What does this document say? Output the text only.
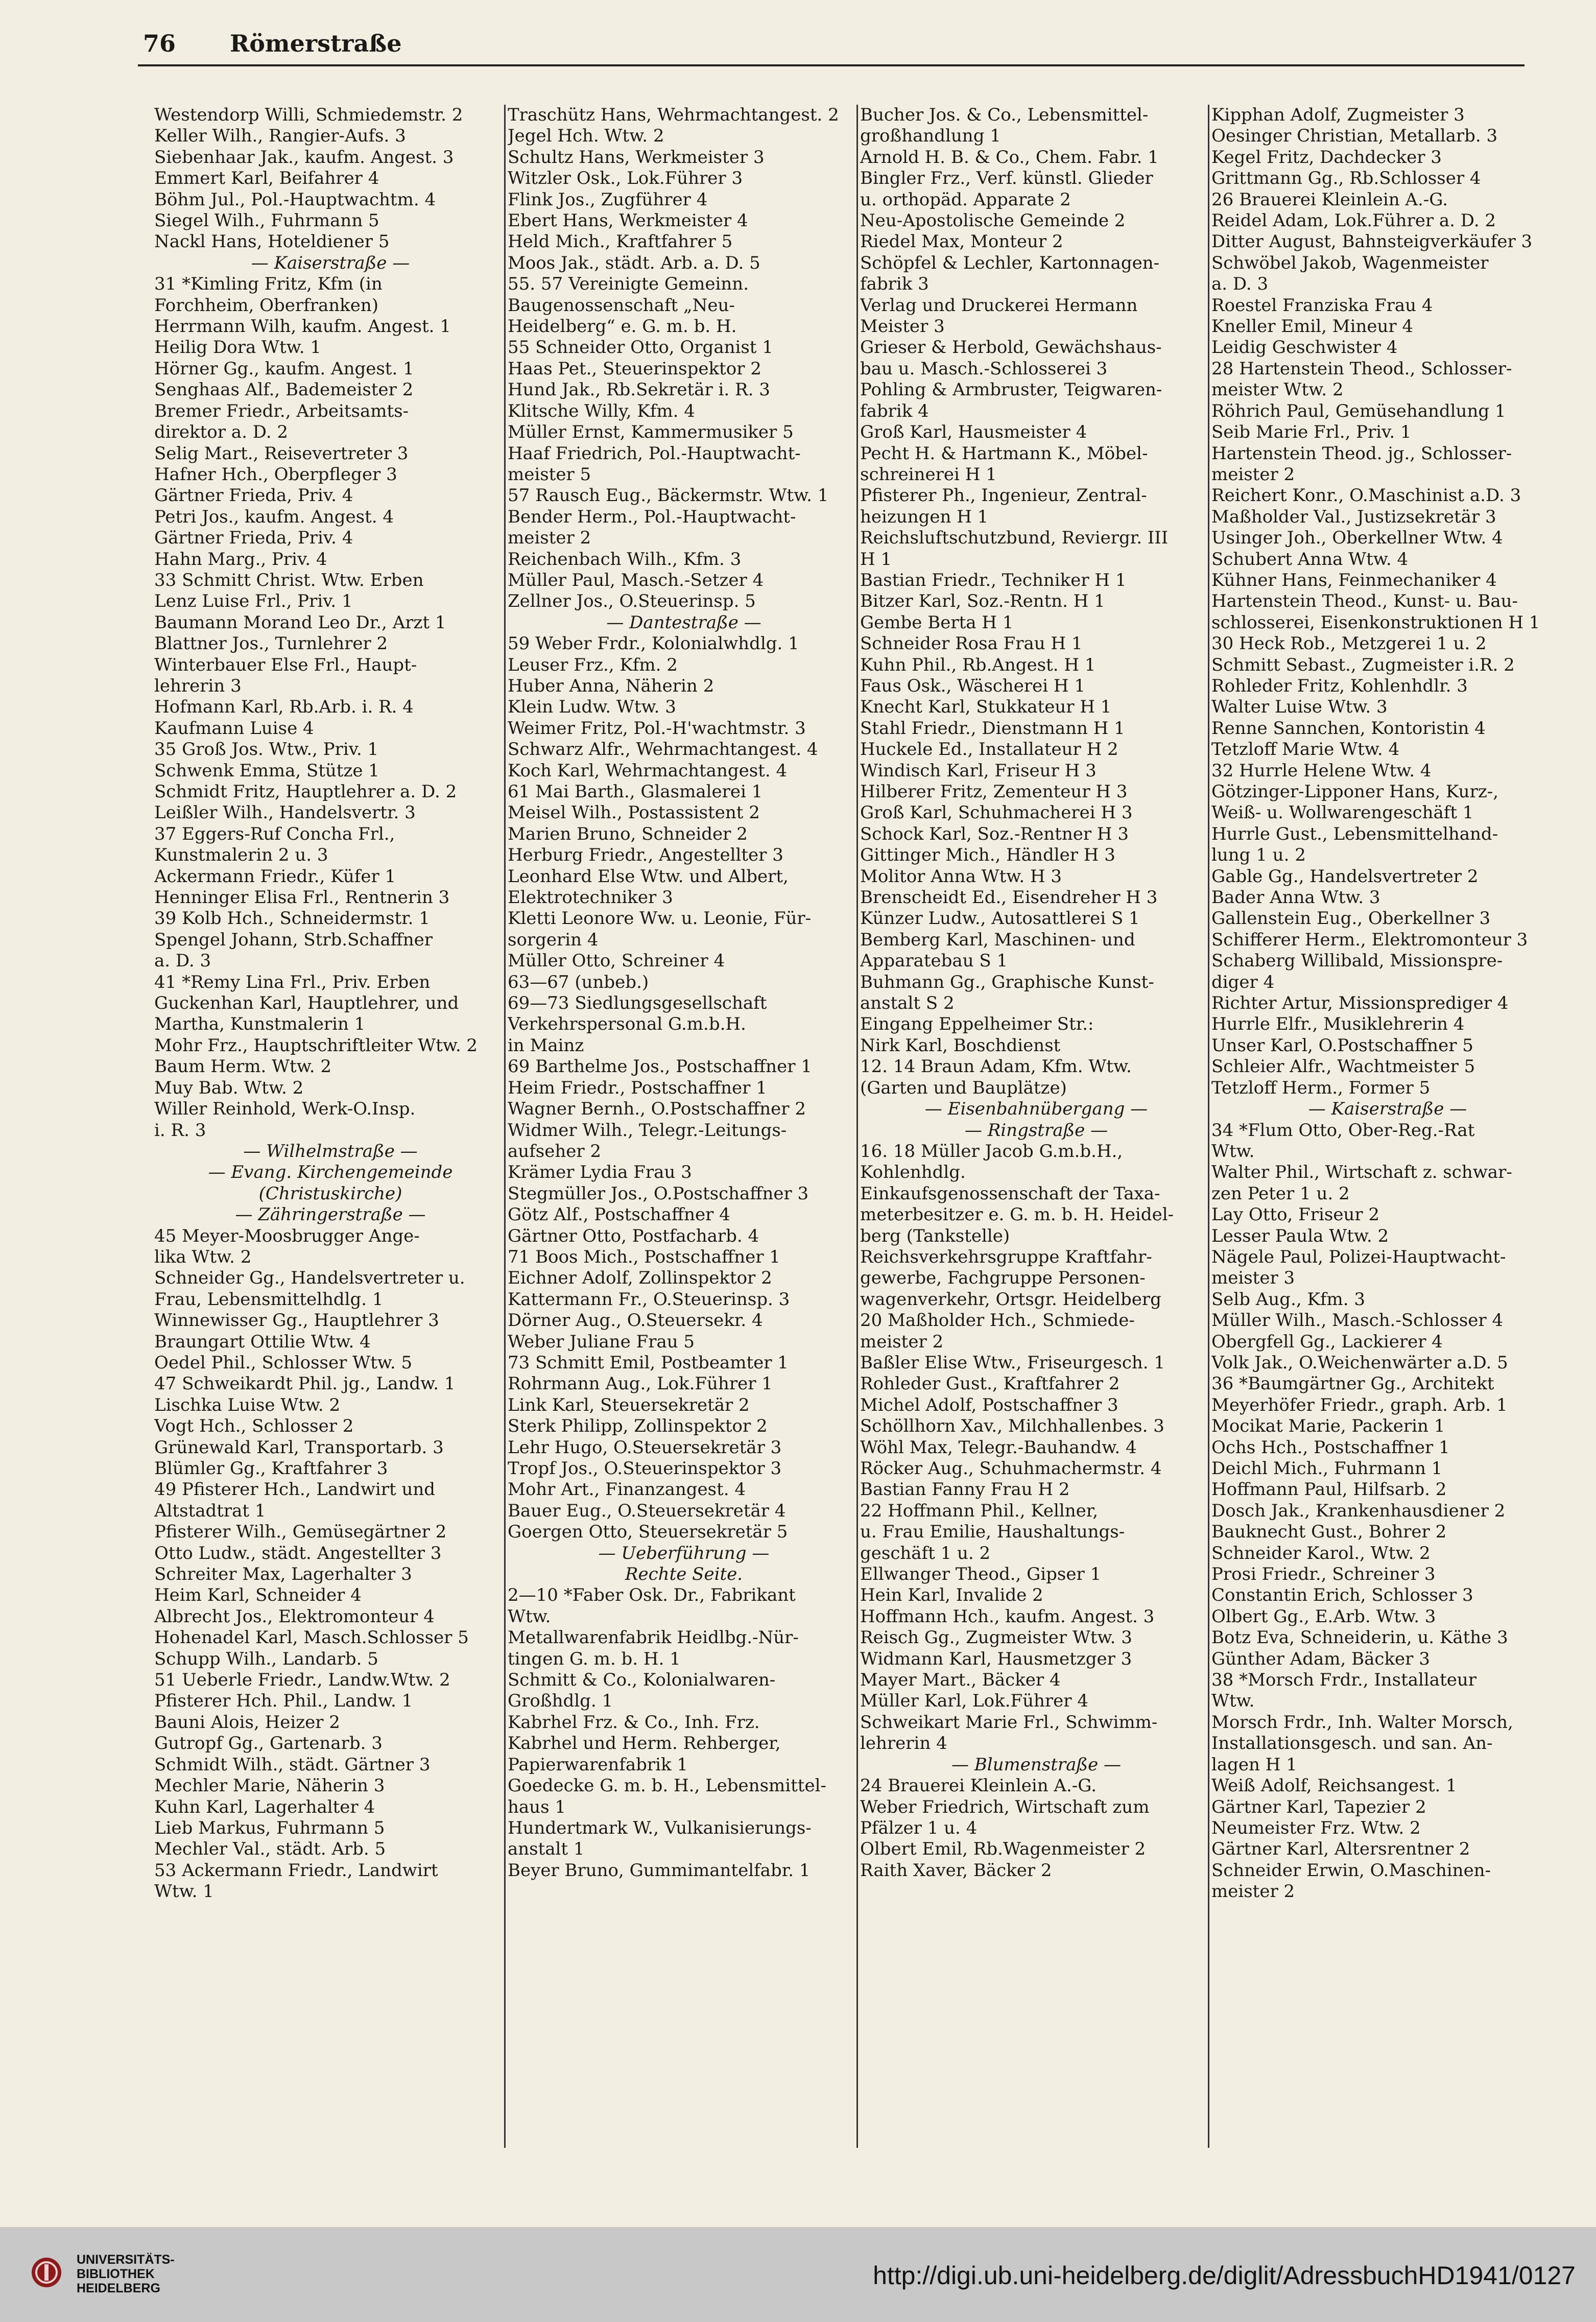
76 Römerstraße
Westendorp Willi, Schmiedemstr. 2
Keller Wilh., Rangier-Aufs. 3
Siebenhaar Jak., kaufm. Angest. 3
Emmert Karl, Beifahrer 4
Böhm Jul., Pol.-Hauptwachtm. 4
Siegel Wilh., Fuhrmann 5
Nackl Hans, Hoteldiener 5
— Kaiserstraße —
31 *Kimling Fritz, Kfm (in
Forchheim, Oberfranken)
Herrmann Wilh, kaufm. Angest. 1
Heilig Dora Wtw. 1
Hörner Gg., kaufm. Angest. 1
Senghaas Alf., Bademeister 2
Bremer Friedr., Arbeitsamts-
direktor a. D. 2
Selig Mart., Reisevertreter 3
Hafner Hch., Oberpfleger 3
Gärtner Frieda, Priv. 4
Petri Jos., kaufm. Angest. 4
Gärtner Frieda, Priv. 4
Hahn Marg., Priv. 4
33 Schmitt Christ. Wtw. Erben
Lenz Luise Frl., Priv. 1
Baumann Morand Leo Dr., Arzt 1
Blattner Jos., Turnlehrer 2
Winterbauer Else Frl., Haupt-
lehrerin 3
Hofmann Karl, Rb.Arb. i. R. 4
Kaufmann Luise 4
35 Groß Jos. Wtw., Priv. 1
Schwenk Emma, Stütze 1
Schmidt Fritz, Hauptlehrer a. D. 2
Leißler Wilh., Handelsvertr. 3
37 Eggers-Ruf Concha Frl.,
Kunstmalerin 2 u. 3
Ackermann Friedr., Küfer 1
Henninger Elisa Frl., Rentnerin 3
39 Kolb Hch., Schneidermstr. 1
Spengel Johann, Strb.Schaffner
a. D. 3
41 *Remy Lina Frl., Priv. Erben
Guckenhan Karl, Hauptlehrer, und
Martha, Kunstmalerin 1
Mohr Frz., Hauptschriftleiter Wtw. 2
Baum Herm. Wtw. 2
Muy Bab. Wtw. 2
Willer Reinhold, Werk-O.Insp.
i. R. 3
— Wilhelmstraße —
— Evang. Kirchengemeinde
(Christuskirche)
— Zähringerstraße —
45 Meyer-Moosbrugger Ange-
lika Wtw. 2
Schneider Gg., Handelsvertreter u.
Frau, Lebensmittelhdlg. 1
Winnewisser Gg., Hauptlehrer 3
Braungart Ottilie Wtw. 4
Oedel Phil., Schlosser Wtw. 5
47 Schweikardt Phil. jg., Landw. 1
Lischka Luise Wtw. 2
Vogt Hch., Schlosser 2
Grünewald Karl, Transportarb. 3
Blümler Gg., Kraftfahrer 3
49 Pfisterer Hch., Landwirt und
Altstadtrat 1
Pfisterer Wilh., Gemüsegärtner 2
Otto Ludw., städt. Angestellter 3
Schreiter Max, Lagerhalter 3
Heim Karl, Schneider 4
Albrecht Jos., Elektromonteur 4
Hohenadel Karl, Masch.Schlosser 5
Schupp Wilh., Landarb. 5
51 Ueberle Friedr., Landw.Wtw. 2
Pfisterer Hch. Phil., Landw. 1
Bauni Alois, Heizer 2
Gutropf Gg., Gartenarb. 3
Schmidt Wilh., städt. Gärtner 3
Mechler Marie, Näherin 3
Kuhn Karl, Lagerhalter 4
Lieb Markus, Fuhrmann 5
Mechler Val., städt. Arb. 5
53 Ackermann Friedr., Landwirt
Wtw. 1
Traschütz Hans, Wehrmachtangest. 2
Jegel Hch. Wtw. 2
Schultz Hans, Werkmeister 3
Witzler Osk., Lok.Führer 3
Flink Jos., Zugführer 4
Ebert Hans, Werkmeister 4
Held Mich., Kraftfahrer 5
Moos Jak., städt. Arb. a. D. 5
55. 57 Vereinigte Gemeinn.
Baugenossenschaft „Neu-
Heidelberg“ e. G. m. b. H.
55 Schneider Otto, Organist 1
Haas Pet., Steuerinspektor 2
Hund Jak., Rb.Sekretär i. R. 3
Klitsche Willy, Kfm. 4
Müller Ernst, Kammermusiker 5
Haaf Friedrich, Pol.-Hauptwacht-
meister 5
57 Rausch Eug., Bäckermstr. Wtw. 1
Bender Herm., Pol.-Hauptwacht-
meister 2
Reichenbach Wilh., Kfm. 3
Müller Paul, Masch.-Setzer 4
Zellner Jos., O.Steuerinsp. 5
— Dantestraße —
59 Weber Frdr., Kolonialwhdlg. 1
Leuser Frz., Kfm. 2
Huber Anna, Näherin 2
Klein Ludw. Wtw. 3
Weimer Fritz, Pol.-H'wachtmstr. 3
Schwarz Alfr., Wehrmachtangest. 4
Koch Karl, Wehrmachtangest. 4
61 Mai Barth., Glasmalerei 1
Meisel Wilh., Postassistent 2
Marien Bruno, Schneider 2
Herburg Friedr., Angestellter 3
Leonhard Else Wtw. und Albert,
Elektrotechniker 3
Kletti Leonore Ww. u. Leonie, Für-
sorgerin 4
Müller Otto, Schreiner 4
63—67 (unbeb.)
69—73 Siedlungsgesellschaft
Verkehrspersonal G.m.b.H.
in Mainz
69 Barthelme Jos., Postschaffner 1
Heim Friedr., Postschaffner 1
Wagner Bernh., O.Postschaffner 2
Widmer Wilh., Telegr.-Leitungs-
aufseher 2
Krämer Lydia Frau 3
Stegmüller Jos., O.Postschaffner 3
Götz Alf., Postschaffner 4
Gärtner Otto, Postfacharb. 4
71 Boos Mich., Postschaffner 1
Eichner Adolf, Zollinspektor 2
Kattermann Fr., O.Steuerinsp. 3
Dörner Aug., O.Steuersekr. 4
Weber Juliane Frau 5
73 Schmitt Emil, Postbeamter 1
Rohrmann Aug., Lok.Führer 1
Link Karl, Steuersekretär 2
Sterk Philipp, Zollinspektor 2
Lehr Hugo, O.Steuersekretär 3
Tropf Jos., O.Steuerinspektor 3
Mohr Art., Finanzangest. 4
Bauer Eug., O.Steuersekretär 4
Goergen Otto, Steuersekretär 5
— Ueberführung —
Rechte Seite.
2—10 *Faber Osk. Dr., Fabrikant
Wtw.
Metallwarenfabrik Heidlbg.-Nür-
tingen G. m. b. H. 1
Schmitt & Co., Kolonialwaren-
Großhdlg. 1
Kabrhel Frz. & Co., Inh. Frz.
Kabrhel und Herm. Rehberger,
Papierwarenfabrik 1
Goedecke G. m. b. H., Lebensmittel-
haus 1
Hundertmark W., Vulkanisierungs-
anstalt 1
Beyer Bruno, Gummimantelfabr. 1
Bucher Jos. & Co., Lebensmittel-
großhandlung 1
Arnold H. B. & Co., Chem. Fabr. 1
Bingler Frz., Verf. künstl. Glieder
u. orthopäd. Apparate 2
Neu-Apostolische Gemeinde 2
Riedel Max, Monteur 2
Schöpfel & Lechler, Kartonnagen-
fabrik 3
Verlag und Druckerei Hermann
Meister 3
Grieser & Herbold, Gewächshaus-
bau u. Masch.-Schlosserei 3
Pohling & Armbruster, Teigwaren-
fabrik 4
Groß Karl, Hausmeister 4
Pecht H. & Hartmann K., Möbel-
schreinerei H 1
Pfisterer Ph., Ingenieur, Zentral-
heizungen H 1
Reichsluftschutzbund, Reviergr. III
H 1
Bastian Friedr., Techniker H 1
Bitzer Karl, Soz.-Rentn. H 1
Gembe Berta H 1
Schneider Rosa Frau H 1
Kuhn Phil., Rb.Angest. H 1
Faus Osk., Wäscherei H 1
Knecht Karl, Stukkateur H 1
Stahl Friedr., Dienstmann H 1
Huckele Ed., Installateur H 2
Windisch Karl, Friseur H 3
Hilberer Fritz, Zementeur H 3
Groß Karl, Schuhmacherei H 3
Schock Karl, Soz.-Rentner H 3
Gittinger Mich., Händler H 3
Molitor Anna Wtw. H 3
Brenscheidt Ed., Eisendreher H 3
Künzer Ludw., Autosattlerei S 1
Bemberg Karl, Maschinen- und
Apparatebau S 1
Buhmann Gg., Graphische Kunst-
anstalt S 2
Eingang Eppelheimer Str.:
Nirk Karl, Boschdienst
12. 14 Braun Adam, Kfm. Wtw.
(Garten und Bauplätze)
— Eisenbahnübergang —
— Ringstraße —
16. 18 Müller Jacob G.m.b.H.,
Kohlenhdlg.
Einkaufsgenossenschaft der Taxa-
meterbesitzer e. G. m. b. H. Heidel-
berg (Tankstelle)
Reichsverkehrsgruppe Kraftfahr-
gewerbe, Fachgruppe Personen-
wagenverkehr, Ortsgr. Heidelberg
20 Maßholder Hch., Schmiede-
meister 2
Baßler Elise Wtw., Friseurgesch. 1
Rohleder Gust., Kraftfahrer 2
Michel Adolf, Postschaffner 3
Schöllhorn Xav., Milchhallenbes. 3
Wöhl Max, Telegr.-Bauhandw. 4
Röcker Aug., Schuhmachermstr. 4
Bastian Fanny Frau H 2
22 Hoffmann Phil., Kellner,
u. Frau Emilie, Haushaltungs-
geschäft 1 u. 2
Ellwanger Theod., Gipser 1
Hein Karl, Invalide 2
Hoffmann Hch., kaufm. Angest. 3
Reisch Gg., Zugmeister Wtw. 3
Widmann Karl, Hausmetzger 3
Mayer Mart., Bäcker 4
Müller Karl, Lok.Führer 4
Schweikart Marie Frl., Schwimm-
lehrerin 4
— Blumenstraße —
24 Brauerei Kleinlein A.-G.
Weber Friedrich, Wirtschaft zum
Pfälzer 1 u. 4
Olbert Emil, Rb.Wagenmeister 2
Raith Xaver, Bäcker 2
Kipphan Adolf, Zugmeister 3
Oesinger Christian, Metallarb. 3
Kegel Fritz, Dachdecker 3
Grittmann Gg., Rb.Schlosser 4
26 Brauerei Kleinlein A.-G.
Reidel Adam, Lok.Führer a. D. 2
Ditter August, Bahnsteigverkäufer 3
Schwöbel Jakob, Wagenmeister
a. D. 3
Roestel Franziska Frau 4
Kneller Emil, Mineur 4
Leidig Geschwister 4
28 Hartenstein Theod., Schlosser-
meister Wtw. 2
Röhrich Paul, Gemüsehandlung 1
Seib Marie Frl., Priv. 1
Hartenstein Theod. jg., Schlosser-
meister 2
Reichert Konr., O.Maschinist a.D. 3
Maßholder Val., Justizsekretär 3
Usinger Joh., Oberkellner Wtw. 4
Schubert Anna Wtw. 4
Kühner Hans, Feinmechaniker 4
Hartenstein Theod., Kunst- u. Bau-
schlosserei, Eisenkonstruktionen H 1
30 Heck Rob., Metzgerei 1 u. 2
Schmitt Sebast., Zugmeister i.R. 2
Rohleder Fritz, Kohlenhdlr. 3
Walter Luise Wtw. 3
Renne Sannchen, Kontoristin 4
Tetzloff Marie Wtw. 4
32 Hurrle Helene Wtw. 4
Götzinger-Lipponer Hans, Kurz-,
Weiß- u. Wollwarengeschäft 1
Hurrle Gust., Lebensmittelhand-
lung 1 u. 2
Gable Gg., Handelsvertreter 2
Bader Anna Wtw. 3
Gallenstein Eug., Oberkellner 3
Schifferer Herm., Elektromonteur 3
Schaberg Willibald, Missionspre-
diger 4
Richter Artur, Missionsprediger 4
Hurrle Elfr., Musiklehrerin 4
Unser Karl, O.Postschaffner 5
Schleier Alfr., Wachtmeister 5
Tetzloff Herm., Former 5
— Kaiserstraße —
34 *Flum Otto, Ober-Reg.-Rat
Wtw.
Walter Phil., Wirtschaft z. schwar-
zen Peter 1 u. 2
Lay Otto, Friseur 2
Lesser Paula Wtw. 2
Nägele Paul, Polizei-Hauptwacht-
meister 3
Selb Aug., Kfm. 3
Müller Wilh., Masch.-Schlosser 4
Obergfell Gg., Lackierer 4
Volk Jak., O.Weichenwärter a.D. 5
36 *Baumgärtner Gg., Architekt
Meyerhöfer Friedr., graph. Arb. 1
Mocikat Marie, Packerin 1
Ochs Hch., Postschaffner 1
Deichl Mich., Fuhrmann 1
Hoffmann Paul, Hilfsarb. 2
Dosch Jak., Krankenhausdiener 2
Bauknecht Gust., Bohrer 2
Schneider Karol., Wtw. 2
Prosi Friedr., Schreiner 3
Constantin Erich, Schlosser 3
Olbert Gg., E.Arb. Wtw. 3
Botz Eva, Schneiderin, u. Käthe 3
Günther Adam, Bäcker 3
38 *Morsch Frdr., Installateur
Wtw.
Morsch Frdr., Inh. Walter Morsch,
Installationsgesch. und san. An-
lagen H 1
Weiß Adolf, Reichsangest. 1
Gärtner Karl, Tapezier 2
Neumeister Frz. Wtw. 2
Gärtner Karl, Altersrentner 2
Schneider Erwin, O.Maschinen-
meister 2
UNIVERSITÄTS-
BIBLIOTHEK
HEIDELBERG	http://digi.ub.uni-heidelberg.de/diglit/AdressbuchHD1941/0127
